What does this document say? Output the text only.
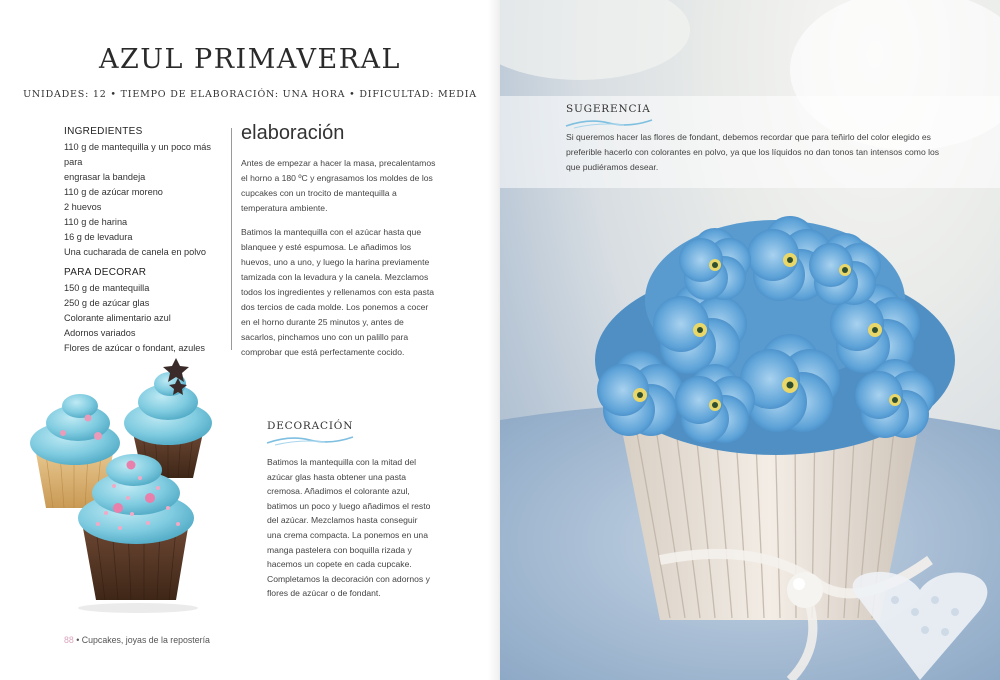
AZUL PRIMAVERAL
UNIDADES: 12 • TIEMPO DE ELABORACIÓN: UNA HORA • DIFICULTAD: MEDIA
INGREDIENTES
110 g de mantequilla y un poco más para
engrasar la bandeja
110 g de azúcar moreno
2 huevos
110 g de harina
16 g de levadura
Una cucharada de canela en polvo
PARA DECORAR
150 g de mantequilla
250 g de azúcar glas
Colorante alimentario azul
Adornos variados
Flores de azúcar o fondant, azules
elaboración

Antes de empezar a hacer la masa, precalentamos el horno a 180 ºC y engrasamos los moldes de los cupcakes con un trocito de mantequilla a temperatura ambiente.

Batimos la mantequilla con el azúcar hasta que blanquee y esté espumosa. Le añadimos los huevos, uno a uno, y luego la harina previamente tamizada con la levadura y la canela. Mezclamos todos los ingredientes y rellenamos con esta pasta dos tercios de cada molde. Los ponemos a cocer en el horno durante 25 minutos y, antes de sacarlos, pinchamos uno con un palillo para comprobar que está perfectamente cocido.

DECORACIÓN
Batimos la mantequilla con la mitad del azúcar glas hasta obtener una pasta cremosa. Añadimos el colorante azul, batimos un poco y luego añadimos el resto del azúcar. Mezclamos hasta conseguir una crema compacta. La ponemos en una manga pastelera con boquilla rizada y hacemos un copete en cada cupcake. Completamos la decoración con adornos y flores de azúcar o de fondant.
88 • Cupcakes, joyas de la repostería
SUGERENCIA
Si queremos hacer las flores de fondant, debemos recordar que para teñirlo del color elegido es preferible hacerlo con colorantes en polvo, ya que los líquidos no dan tonos tan intensos como los que pudiéramos desear.
